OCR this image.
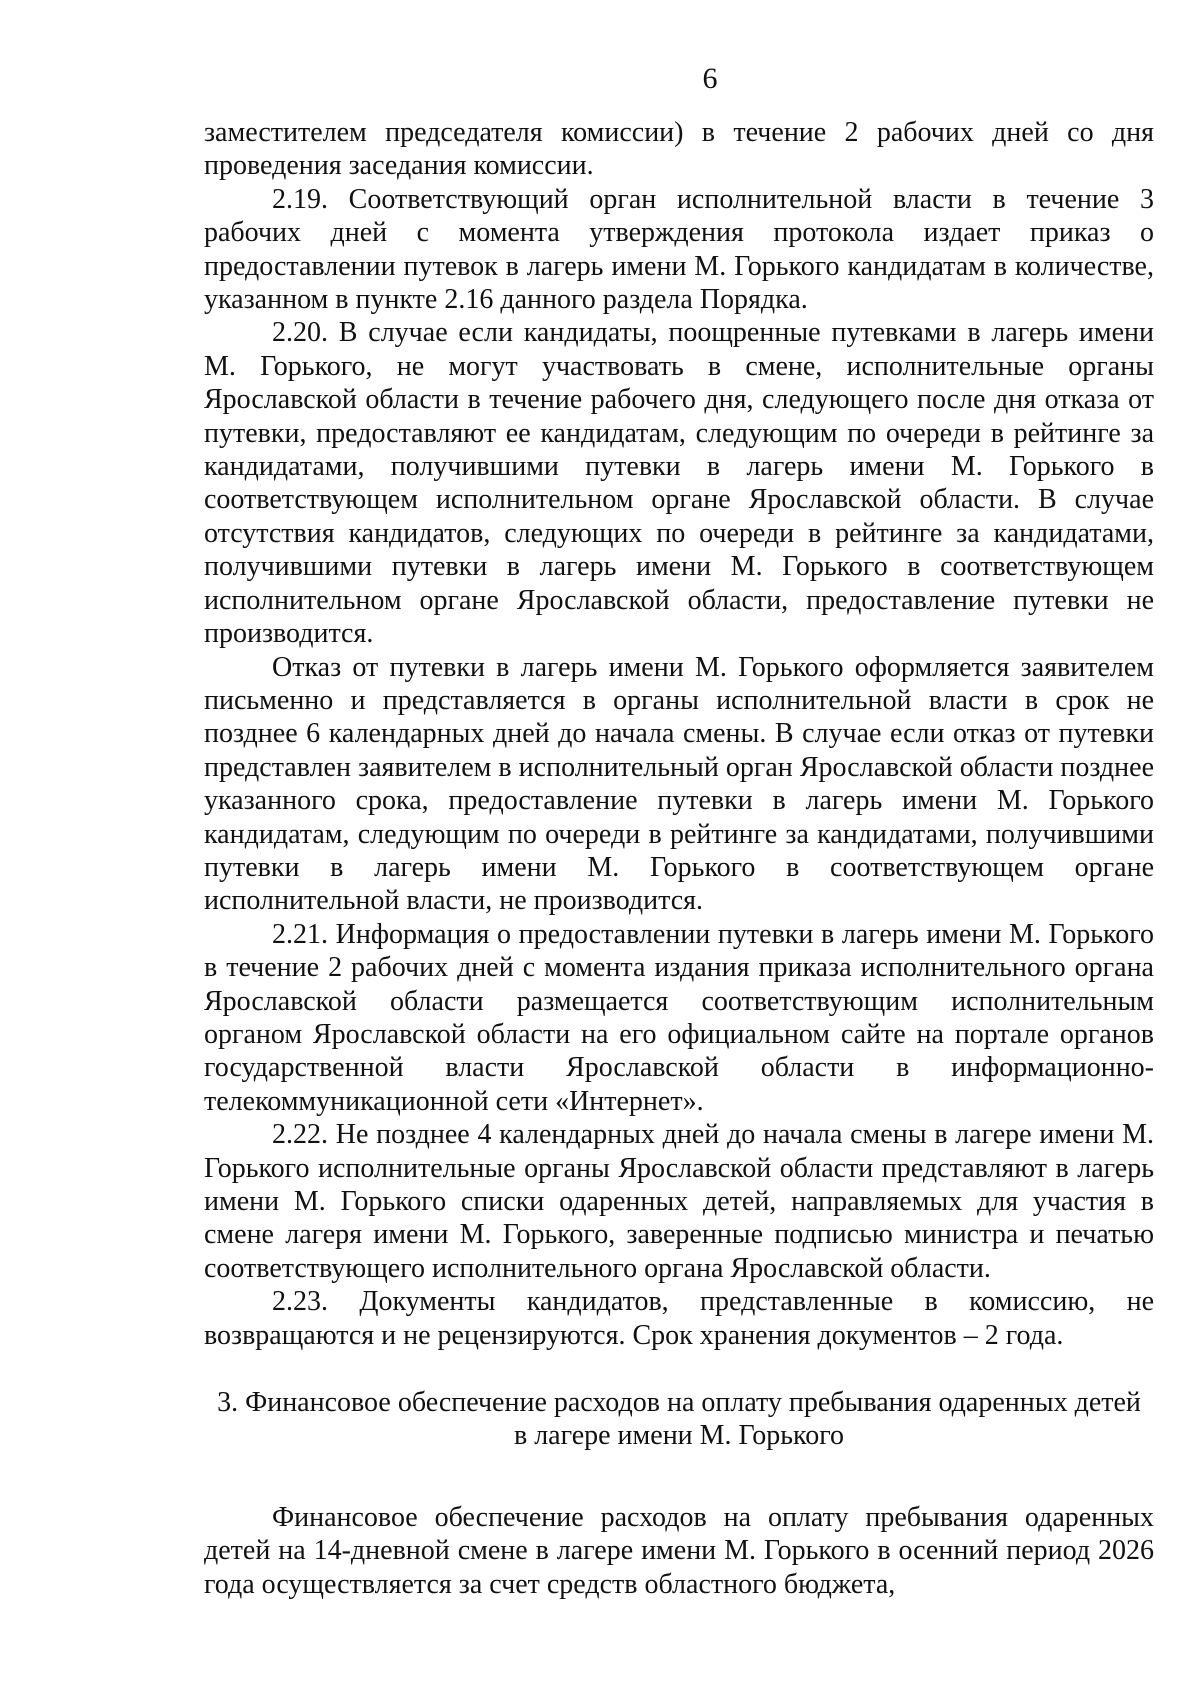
6

заместителем председателя комиссии) в течение 2 рабочих дней со дня проведения заседания комиссии.

2.19. Соответствующий орган исполнительной власти в течение 3 рабочих дней с момента утверждения протокола издает приказ о предоставлении путевок в лагерь имени М. Горького кандидатам в количестве, указанном в пункте 2.16 данного раздела Порядка.

2.20. В случае если кандидаты, поощренные путевками в лагерь имени М. Горького, не могут участвовать в смене, исполнительные органы Ярославской области в течение рабочего дня, следующего после дня отказа от путевки, предоставляют ее кандидатам, следующим по очереди в рейтинге за кандидатами, получившими путевки в лагерь имени М. Горького в соответствующем исполнительном органе Ярославской области. В случае отсутствия кандидатов, следующих по очереди в рейтинге за кандидатами, получившими путевки в лагерь имени М. Горького в соответствующем исполнительном органе Ярославской области, предоставление путевки не производится.

Отказ от путевки в лагерь имени М. Горького оформляется заявителем письменно и представляется в органы исполнительной власти в срок не позднее 6 календарных дней до начала смены. В случае если отказ от путевки представлен заявителем в исполнительный орган Ярославской области позднее указанного срока, предоставление путевки в лагерь имени М. Горького кандидатам, следующим по очереди в рейтинге за кандидатами, получившими путевки в лагерь имени М. Горького в соответствующем органе исполнительной власти, не производится.

2.21. Информация о предоставлении путевки в лагерь имени М. Горького в течение 2 рабочих дней с момента издания приказа исполнительного органа Ярославской области размещается соответствующим исполнительным органом Ярославской области на его официальном сайте на портале органов государственной власти Ярославской области в информационно-телекоммуникационной сети «Интернет».

2.22. Не позднее 4 календарных дней до начала смены в лагере имени М. Горького исполнительные органы Ярославской области представляют в лагерь имени М. Горького списки одаренных детей, направляемых для участия в смене лагеря имени М. Горького, заверенные подписью министра и печатью соответствующего исполнительного органа Ярославской области.

2.23. Документы кандидатов, представленные в комиссию, не возвращаются и не рецензируются. Срок хранения документов – 2 года.

3. Финансовое обеспечение расходов на оплату пребывания одаренных детей
в лагере имени М. Горького

Финансовое обеспечение расходов на оплату пребывания одаренных детей на 14-дневной смене в лагере имени М. Горького в осенний период 2026 года осуществляется за счет средств областного бюджета,
